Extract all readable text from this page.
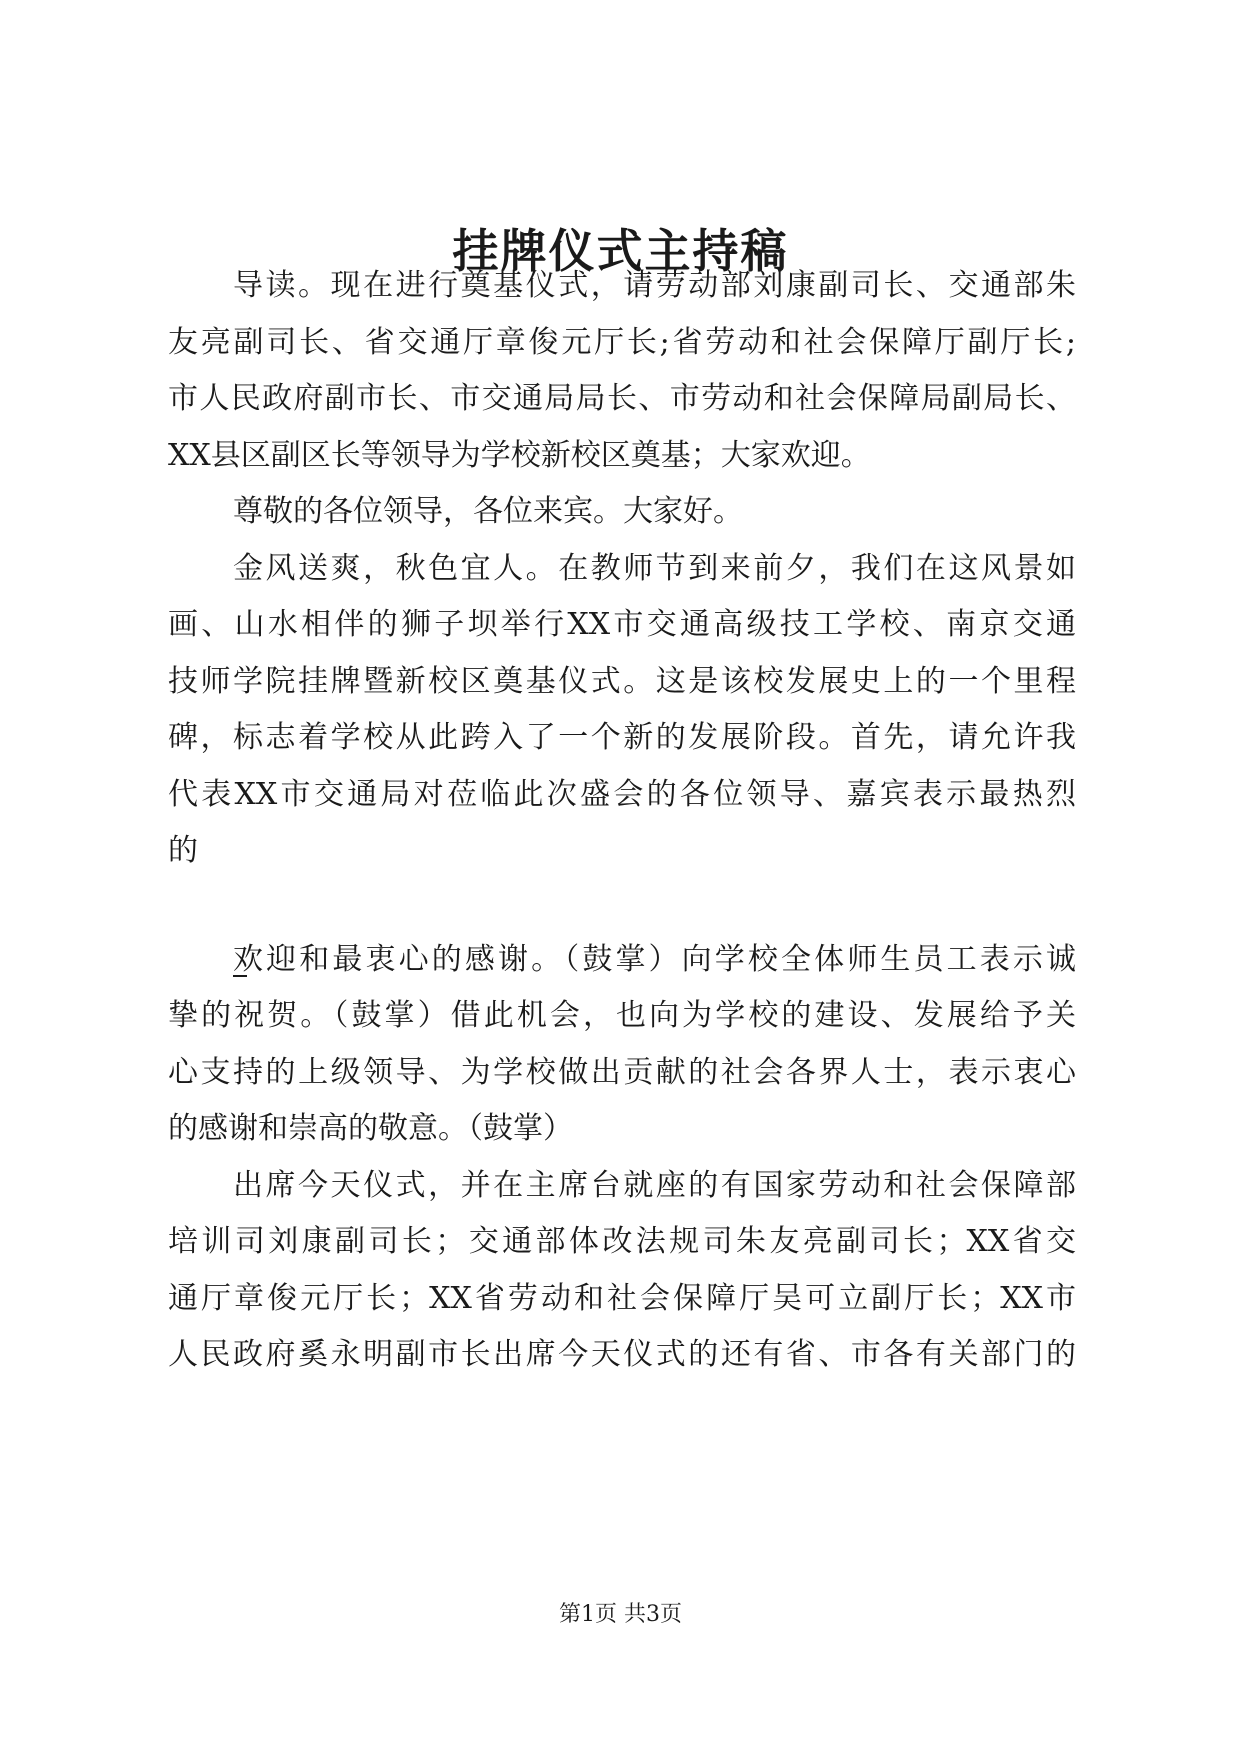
挂牌仪式主持稿

导读。现在进行奠基仪式，请劳动部刘康副司长、交通部朱

友亮副司长、省交通厅章俊元厅长;省劳动和社会保障厅副厅长;

市人民政府副市长、市交通局局长、市劳动和社会保障局副局长、

XX县区副区长等领导为学校新校区奠基；大家欢迎。

尊敬的各位领导，各位来宾。大家好。

金风送爽，秋色宜人。在教师节到来前夕，我们在这风景如

画、山水相伴的狮子坝举行XX市交通高级技工学校、南京交通

技师学院挂牌暨新校区奠基仪式。这是该校发展史上的一个里程

碑，标志着学校从此跨入了一个新的发展阶段。首先，请允许我

代表XX市交通局对莅临此次盛会的各位领导、嘉宾表示最热烈

的

欢迎和最衷心的感谢。（鼓掌）向学校全体师生员工表示诚

挚的祝贺。（鼓掌）借此机会，也向为学校的建设、发展给予关

心支持的上级领导、为学校做出贡献的社会各界人士，表示衷心

的感谢和崇高的敬意。（鼓掌）

出席今天仪式，并在主席台就座的有国家劳动和社会保障部

培训司刘康副司长；交通部体改法规司朱友亮副司长；XX省交

通厅章俊元厅长；XX省劳动和社会保障厅吴可立副厅长；XX市

人民政府奚永明副市长出席今天仪式的还有省、市各有关部门的

第1页 共3页
